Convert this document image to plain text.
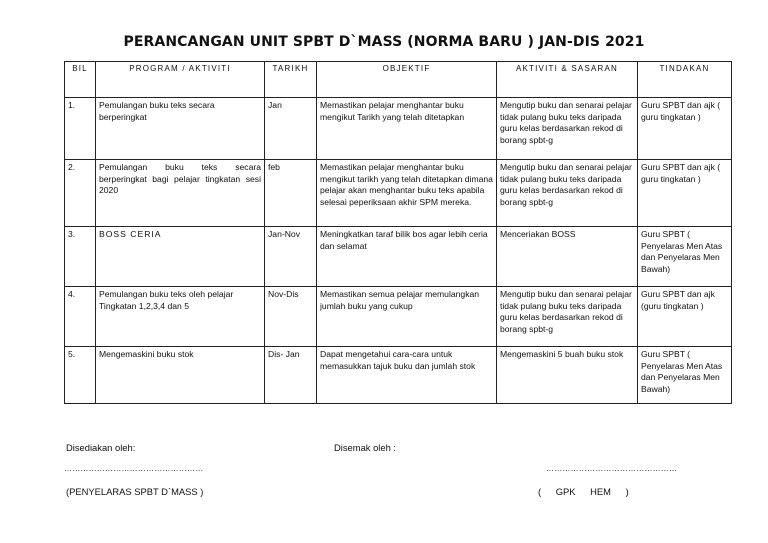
PERANCANGAN UNIT SPBT D`MASS (NORMA BARU ) JAN-DIS 2021
BIL	PROGRAM / AKTIVITI	TARIKH	OBJEKTIF	AKTIVITI & SASARAN	TINDAKAN
1.	Pemulangan buku teks secara berperingkat	Jan	Memastikan pelajar menghantar buku mengikut Tarikh yang telah ditetapkan	Mengutip buku dan senarai pelajar tidak pulang buku teks daripada guru kelas berdasarkan rekod di borang spbt-g	Guru SPBT dan ajk ( guru tingkatan )
2.	Pemulangan buku teks secara berperingkat bagi pelajar tingkatan sesi 2020	feb	Memastikan pelajar menghantar buku mengikut tarikh yang telah ditetapkan dimana pelajar akan menghantar buku teks apabila selesai peperiksaan akhir SPM mereka.	Mengutip buku dan senarai pelajar tidak pulang buku teks daripada guru kelas berdasarkan rekod di borang spbt-g	Guru SPBT dan ajk ( guru tingkatan )
3.	BOSS CERIA	Jan-Nov	Meningkatkan taraf bilik bos agar lebih ceria dan selamat	Menceriakan BOSS	Guru SPBT ( Penyelaras Men Atas dan Penyelaras Men Bawah)
4.	Pemulangan buku teks oleh pelajar Tingkatan 1,2,3,4 dan 5	Nov-Dis	Memastikan semua pelajar memulangkan jumlah buku yang cukup	Mengutip buku dan senarai pelajar tidak pulang buku teks daripada guru kelas berdasarkan rekod di borang spbt-g	Guru SPBT dan ajk (guru tingkatan )
5.	Mengemaskini buku stok	Dis- Jan	Dapat mengetahui cara-cara untuk memasukkan tajuk buku dan jumlah stok	Mengemaskini 5 buah buku stok	Guru SPBT ( Penyelaras Men Atas dan Penyelaras Men Bawah)
Disediakan oleh:	Disemak oleh :
……………………………………………	…………………………………………
(PENYELARAS SPBT D`MASS )	( GPK HEM )
